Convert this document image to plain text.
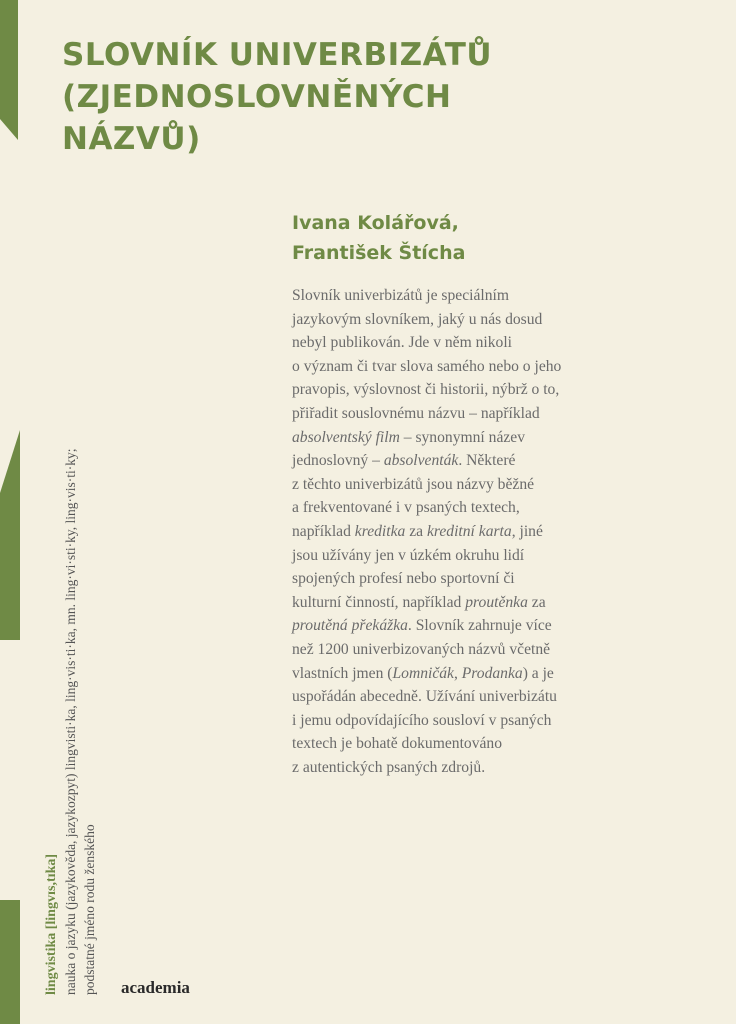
SLOVNÍK UNIVERBIZÁTŮ
(ZJEDNOSLOVNĚNÝCH
NÁZVŮ)
Ivana Kolářová,
František Štícha
Slovník univerbizátů je speciálním
jazykovým slovníkem, jaký u nás dosud
nebyl publikován. Jde v něm nikoli
o význam či tvar slova samého nebo o jeho
pravopis, výslovnost či historii, nýbrž o to,
přiřadit souslovnému názvu – například
absolventský film – synonymní název
jednoslovný – absolventák. Některé
z těchto univerbizátů jsou názvy běžné
a frekventované i v psaných textech,
například kreditka za kreditní karta, jiné
jsou užívány jen v úzkém okruhu lidí
spojených profesí nebo sportovní či
kulturní činností, například proutěnka za
proutěná překážka. Slovník zahrnuje více
než 1200 univerbizovaných názvů včetně
vlastních jmen (Lomničák, Prodanka) a je
uspořádán abecedně. Užívání univerbizátu
i jemu odpovídajícího sousloví v psaných
textech je bohatě dokumentováno
z autentických psaných zdrojů.
lingvistika [lingvɪs,tɪka] nauka o jazyku (jazykověda, jazykozpyt) lingvisti·ka, ling·vis·ti·ka, mn. ling·vi·sti·ky, ling·vis·ti·ky; podstatné jméno rodu ženského academia
